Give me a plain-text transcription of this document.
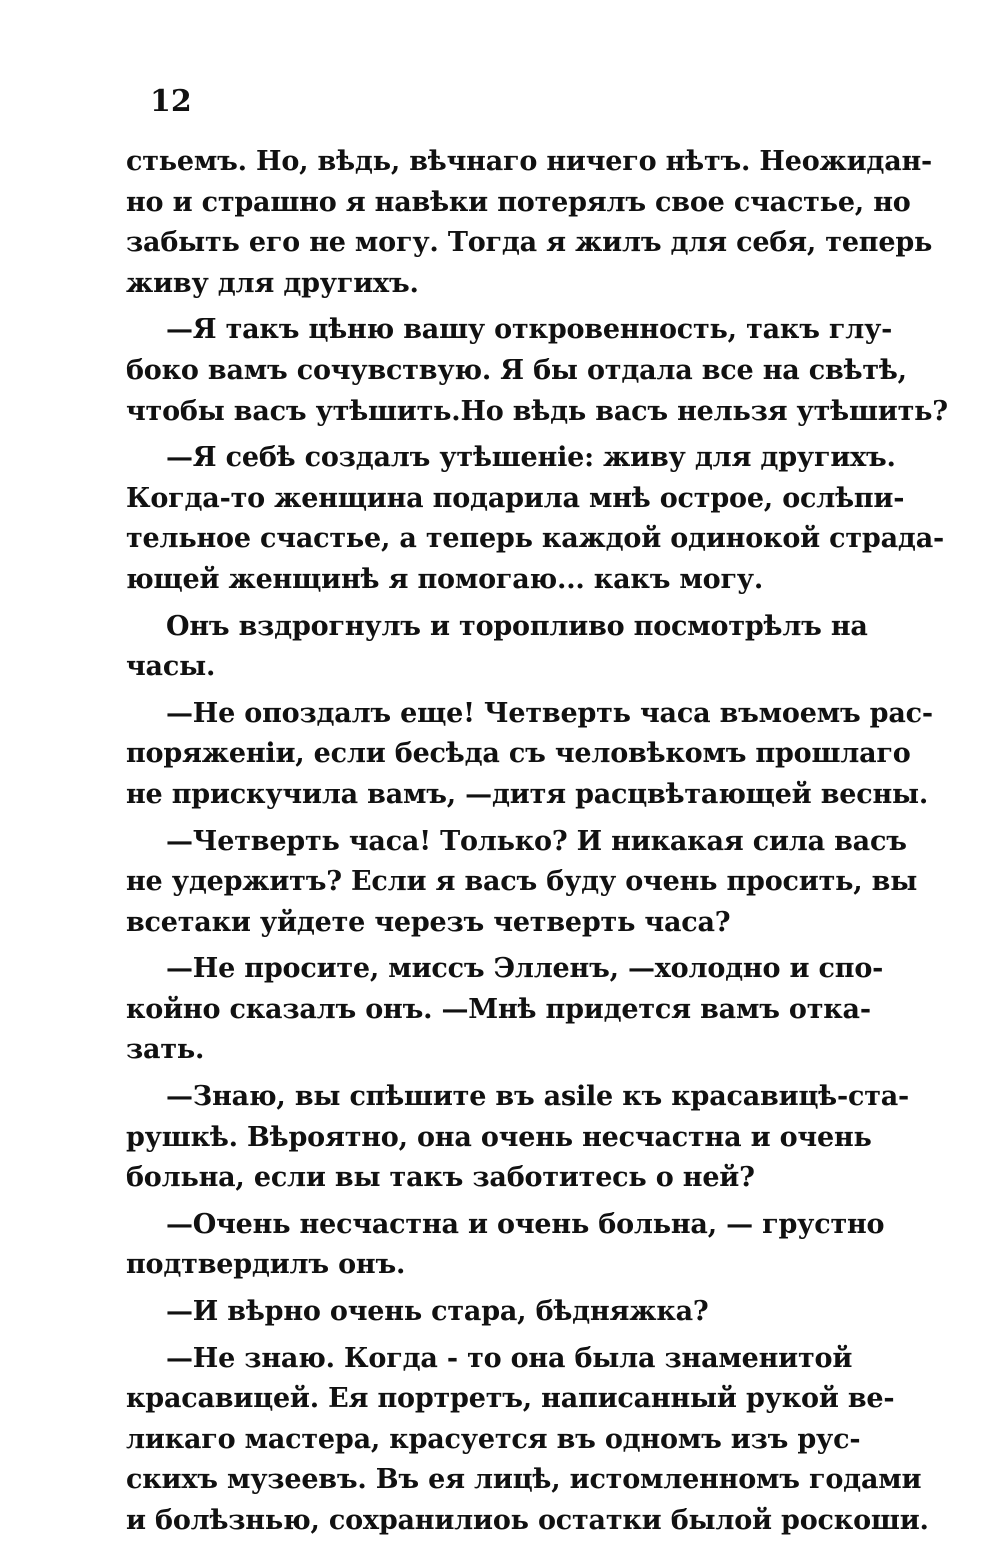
12
стьемъ. Но, вѣдь, вѣчнаго ничего нѣтъ. Неожидан-
но и страшно я навѣки потерялъ свое счастье, но
забыть его не могу. Тогда я жилъ для себя, теперь
живу для другихъ.
—Я такъ цѣню вашу откровенность, такъ глу-
боко вамъ сочувствую. Я бы отдала все на свѣтѣ,
чтобы васъ утѣшить.Но вѣдь васъ нельзя утѣшить?
—Я себѣ создалъ утѣшеніе: живу для другихъ.
Когда-то женщина подарила мнѣ острое, ослѣпи-
тельное счастье, а теперь каждой одинокой страда-
ющей женщинѣ я помогаю... какъ могу.
Онъ вздрогнулъ и торопливо посмотрѣлъ на
часы.
—Не опоздалъ еще! Четверть часа въмоемъ рас-
поряженіи, если бесѣда съ человѣкомъ прошлаго
не прискучила вамъ, —дитя расцвѣтающей весны.
—Четверть часа! Только? И никакая сила васъ
не удержитъ? Если я васъ буду очень просить, вы
всетаки уйдете черезъ четверть часа?
—Не просите, миссъ Элленъ, —холодно и спо-
койно сказалъ онъ. —Мнѣ придется вамъ отка-
зать.
—Знаю, вы спѣшите въ asile къ красавицѣ-ста-
рушкѣ. Вѣроятно, она очень несчастна и очень
больна, если вы такъ заботитесь о ней?
—Очень несчастна и очень больна, — грустно
подтвердилъ онъ.
—И вѣрно очень стара, бѣдняжка?
—Не знаю. Когда - то она была знаменитой
красавицей. Ея портретъ, написанный рукой ве-
ликаго мастера, красуется въ одномъ изъ рус-
скихъ музеевъ. Въ ея лицѣ, истомленномъ годами
и болѣзнью, сохранилиоь остатки былой роскоши.
